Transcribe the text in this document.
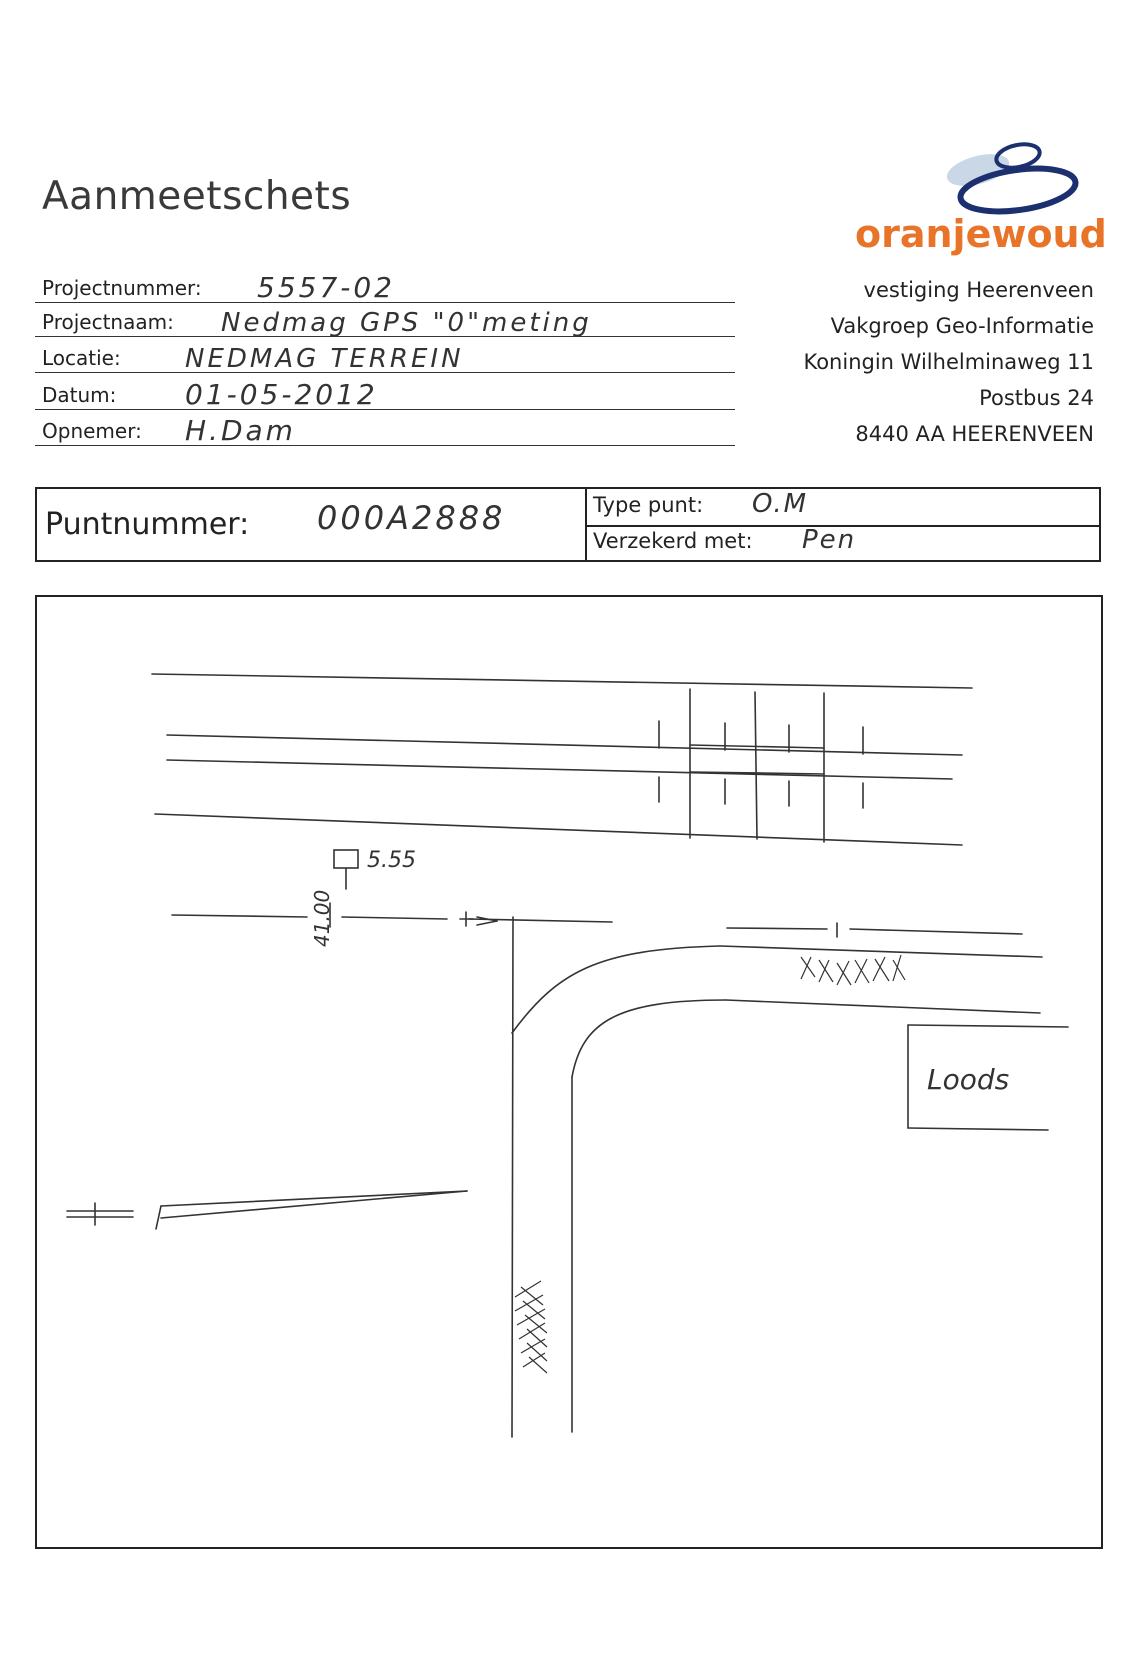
Aanmeetschets
Projectnummer: 5557-02
Projectnaam: Nedmag GPS "0"meting
Locatie: NEDMAG TERREIN
Datum: 01-05-2012
Opnemer: H.Dam
oranjewoud
vestiging Heerenveen
Vakgroep Geo-Informatie
Koningin Wilhelminaweg 11
Postbus 24
8440 AA HEERENVEEN
Puntnummer: 000A2888	Type punt: O.M
Verzekerd met: Pen
5.55
41.00
Loods
